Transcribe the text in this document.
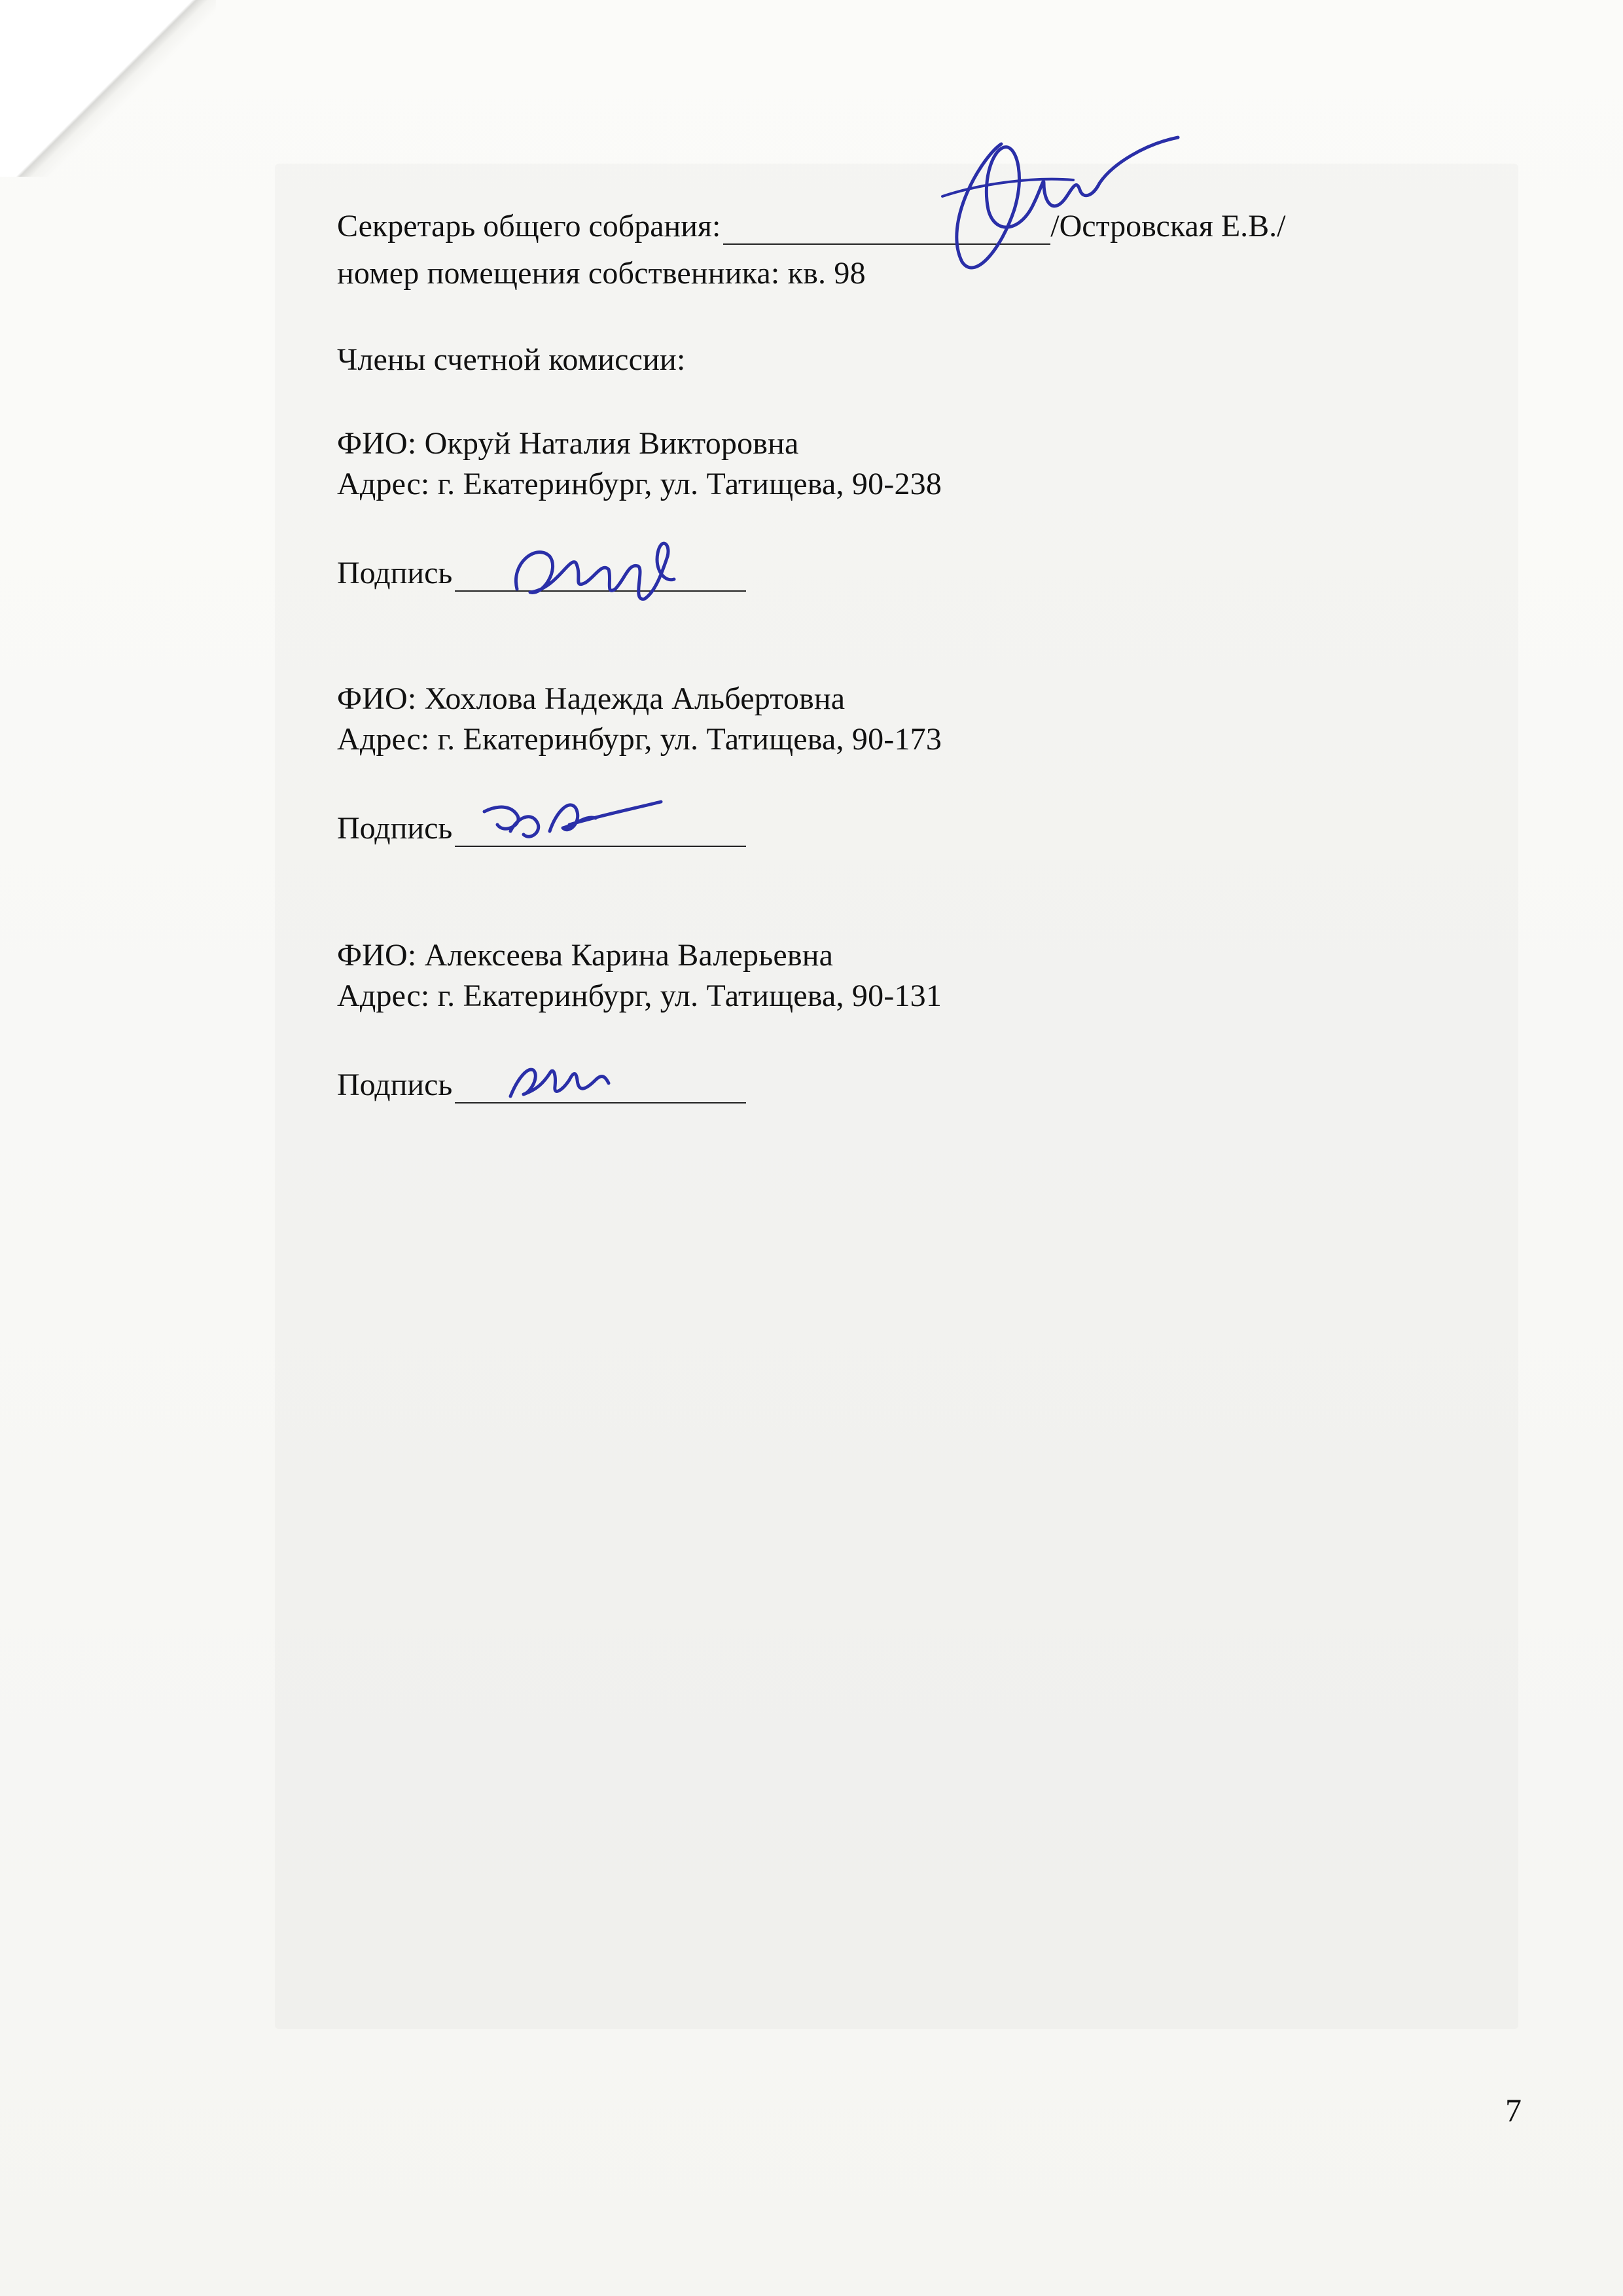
Секретарь общего собрания:	/Островская Е.В./
номер помещения собственника: кв. 98
Члены счетной комиссии:
ФИО: Окруй Наталия Викторовна
Адрес: г. Екатеринбург, ул. Татищева, 90-238
Подпись
ФИО: Хохлова Надежда Альбертовна
Адрес: г. Екатеринбург, ул. Татищева, 90-173
Подпись
ФИО: Алексеева Карина Валерьевна
Адрес: г. Екатеринбург, ул. Татищева, 90-131
Подпись
7
